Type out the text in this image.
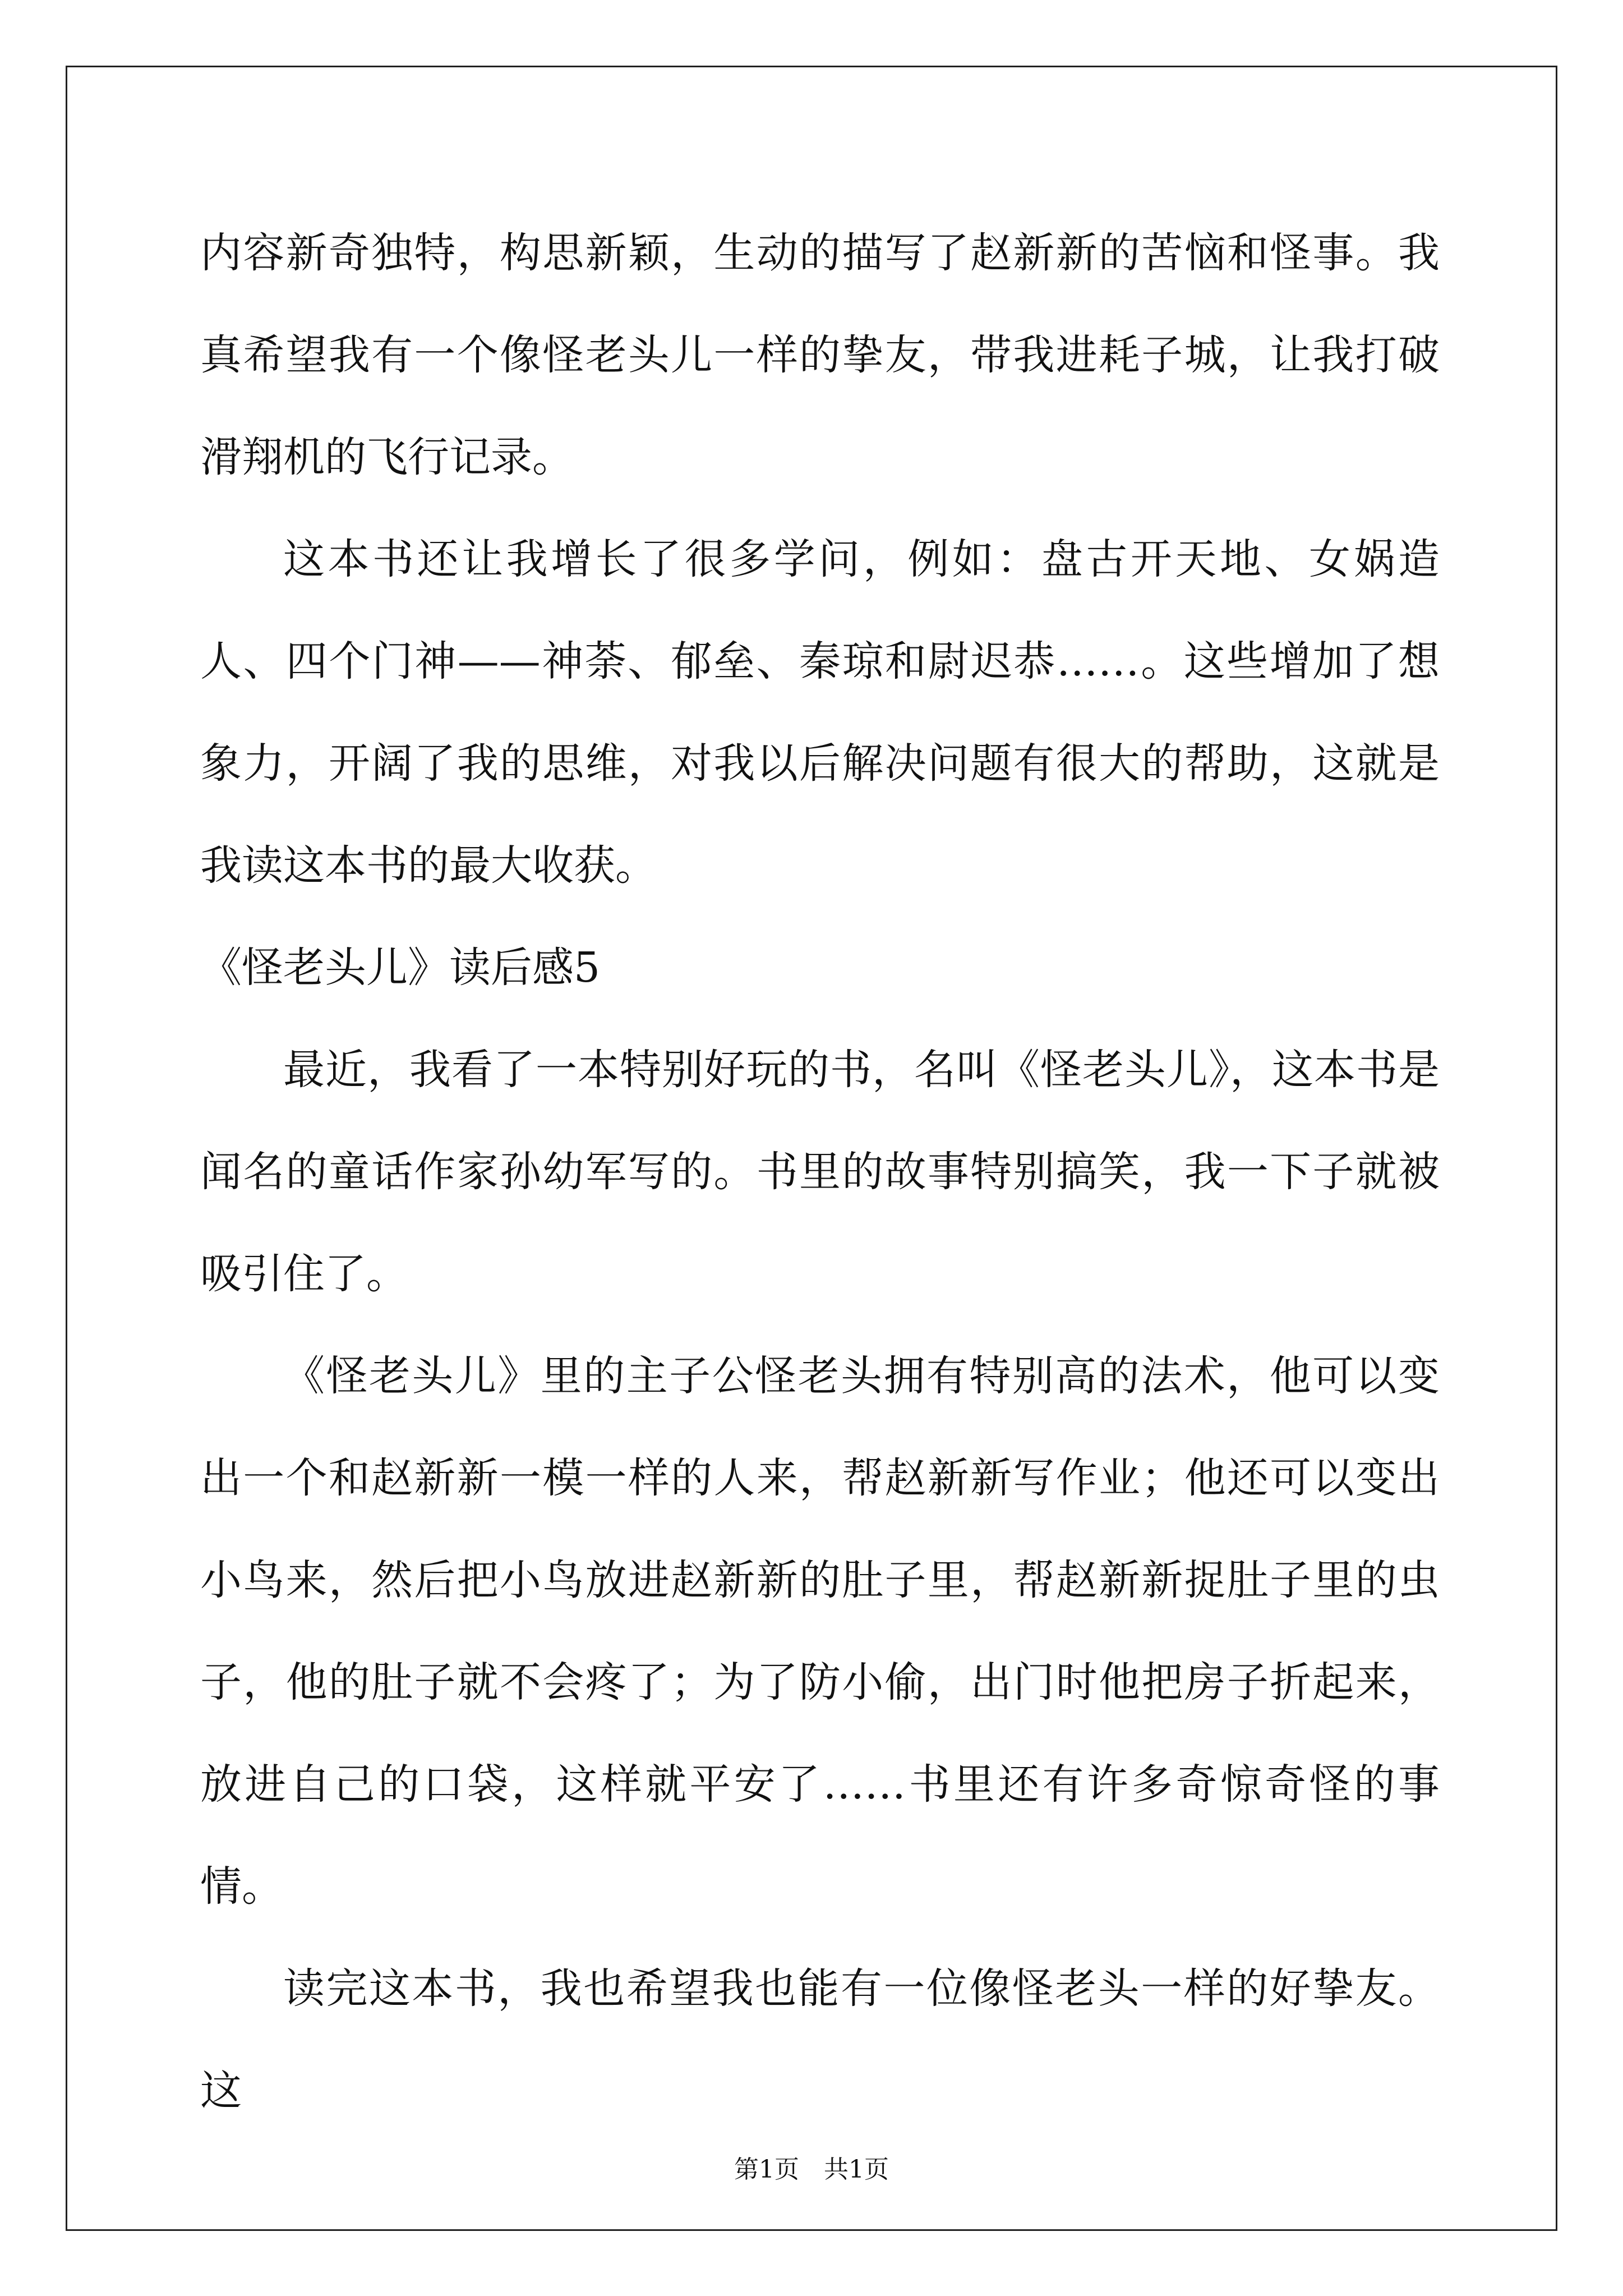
内容新奇独特，构思新颖，生动的描写了赵新新的苦恼和怪事。我真希望我有一个像怪老头儿一样的挚友，带我进耗子城，让我打破滑翔机的飞行记录。

这本书还让我增长了很多学问，例如：盘古开天地、女娲造人、四个门神——神荼、郁垒、秦琼和尉迟恭……。这些增加了想象力，开阔了我的思维，对我以后解决问题有很大的帮助，这就是我读这本书的最大收获。

《怪老头儿》读后感5

最近，我看了一本特别好玩的书，名叫《怪老头儿》，这本书是闻名的童话作家孙幼军写的。书里的故事特别搞笑，我一下子就被吸引住了。

《怪老头儿》里的主子公怪老头拥有特别高的法术，他可以变出一个和赵新新一模一样的人来，帮赵新新写作业；他还可以变出小鸟来，然后把小鸟放进赵新新的肚子里，帮赵新新捉肚子里的虫子，他的肚子就不会疼了；为了防小偷，出门时他把房子折起来，放进自己的口袋，这样就平安了……书里还有许多奇惊奇怪的事情。

读完这本书，我也希望我也能有一位像怪老头一样的好挚友。这

第1页　共1页
